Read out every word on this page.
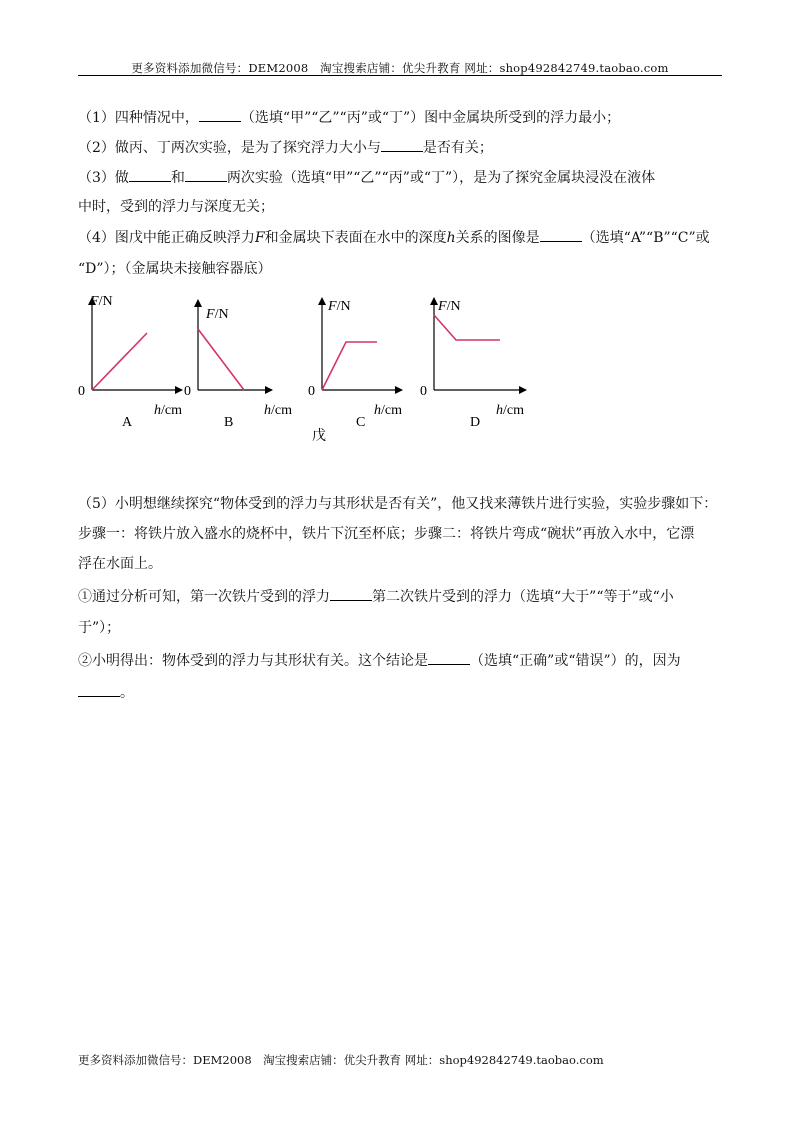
更多资料添加微信号：DEM2008　淘宝搜索店铺：优尖升教育 网址：shop492842749.taobao.com
（1）四种情况中，	（选填“甲”“乙”“丙”或“丁”）图中金属块所受到的浮力最小；
（2）做丙、丁两次实验，是为了探究浮力大小与	是否有关；
（3）做	和	两次实验（选填“甲”“乙”“丙”或“丁”），是为了探究金属块浸没在液体
中时，受到的浮力与深度无关；
（4）图戊中能正确反映浮力F和金属块下表面在水中的深度h关系的图像是	（选填“A”“B”“C”或
“D”）；（金属块未接触容器底）
F/N
h/cm
0
A
F/N
h/cm
0
B
F/N
h/cm
0
C
F/N
h/cm
0
D
戊
（5）小明想继续探究“物体受到的浮力与其形状是否有关”，他又找来薄铁片进行实验，实验步骤如下：
步骤一：将铁片放入盛水的烧杯中，铁片下沉至杯底；步骤二：将铁片弯成“碗状”再放入水中，它漂
浮在水面上。
①通过分析可知，第一次铁片受到的浮力	第二次铁片受到的浮力（选填“大于”“等于”或“小
于”）；
②小明得出：物体受到的浮力与其形状有关。这个结论是	（选填“正确”或“错误”）的，因为
。
更多资料添加微信号：DEM2008　淘宝搜索店铺：优尖升教育 网址：shop492842749.taobao.com
